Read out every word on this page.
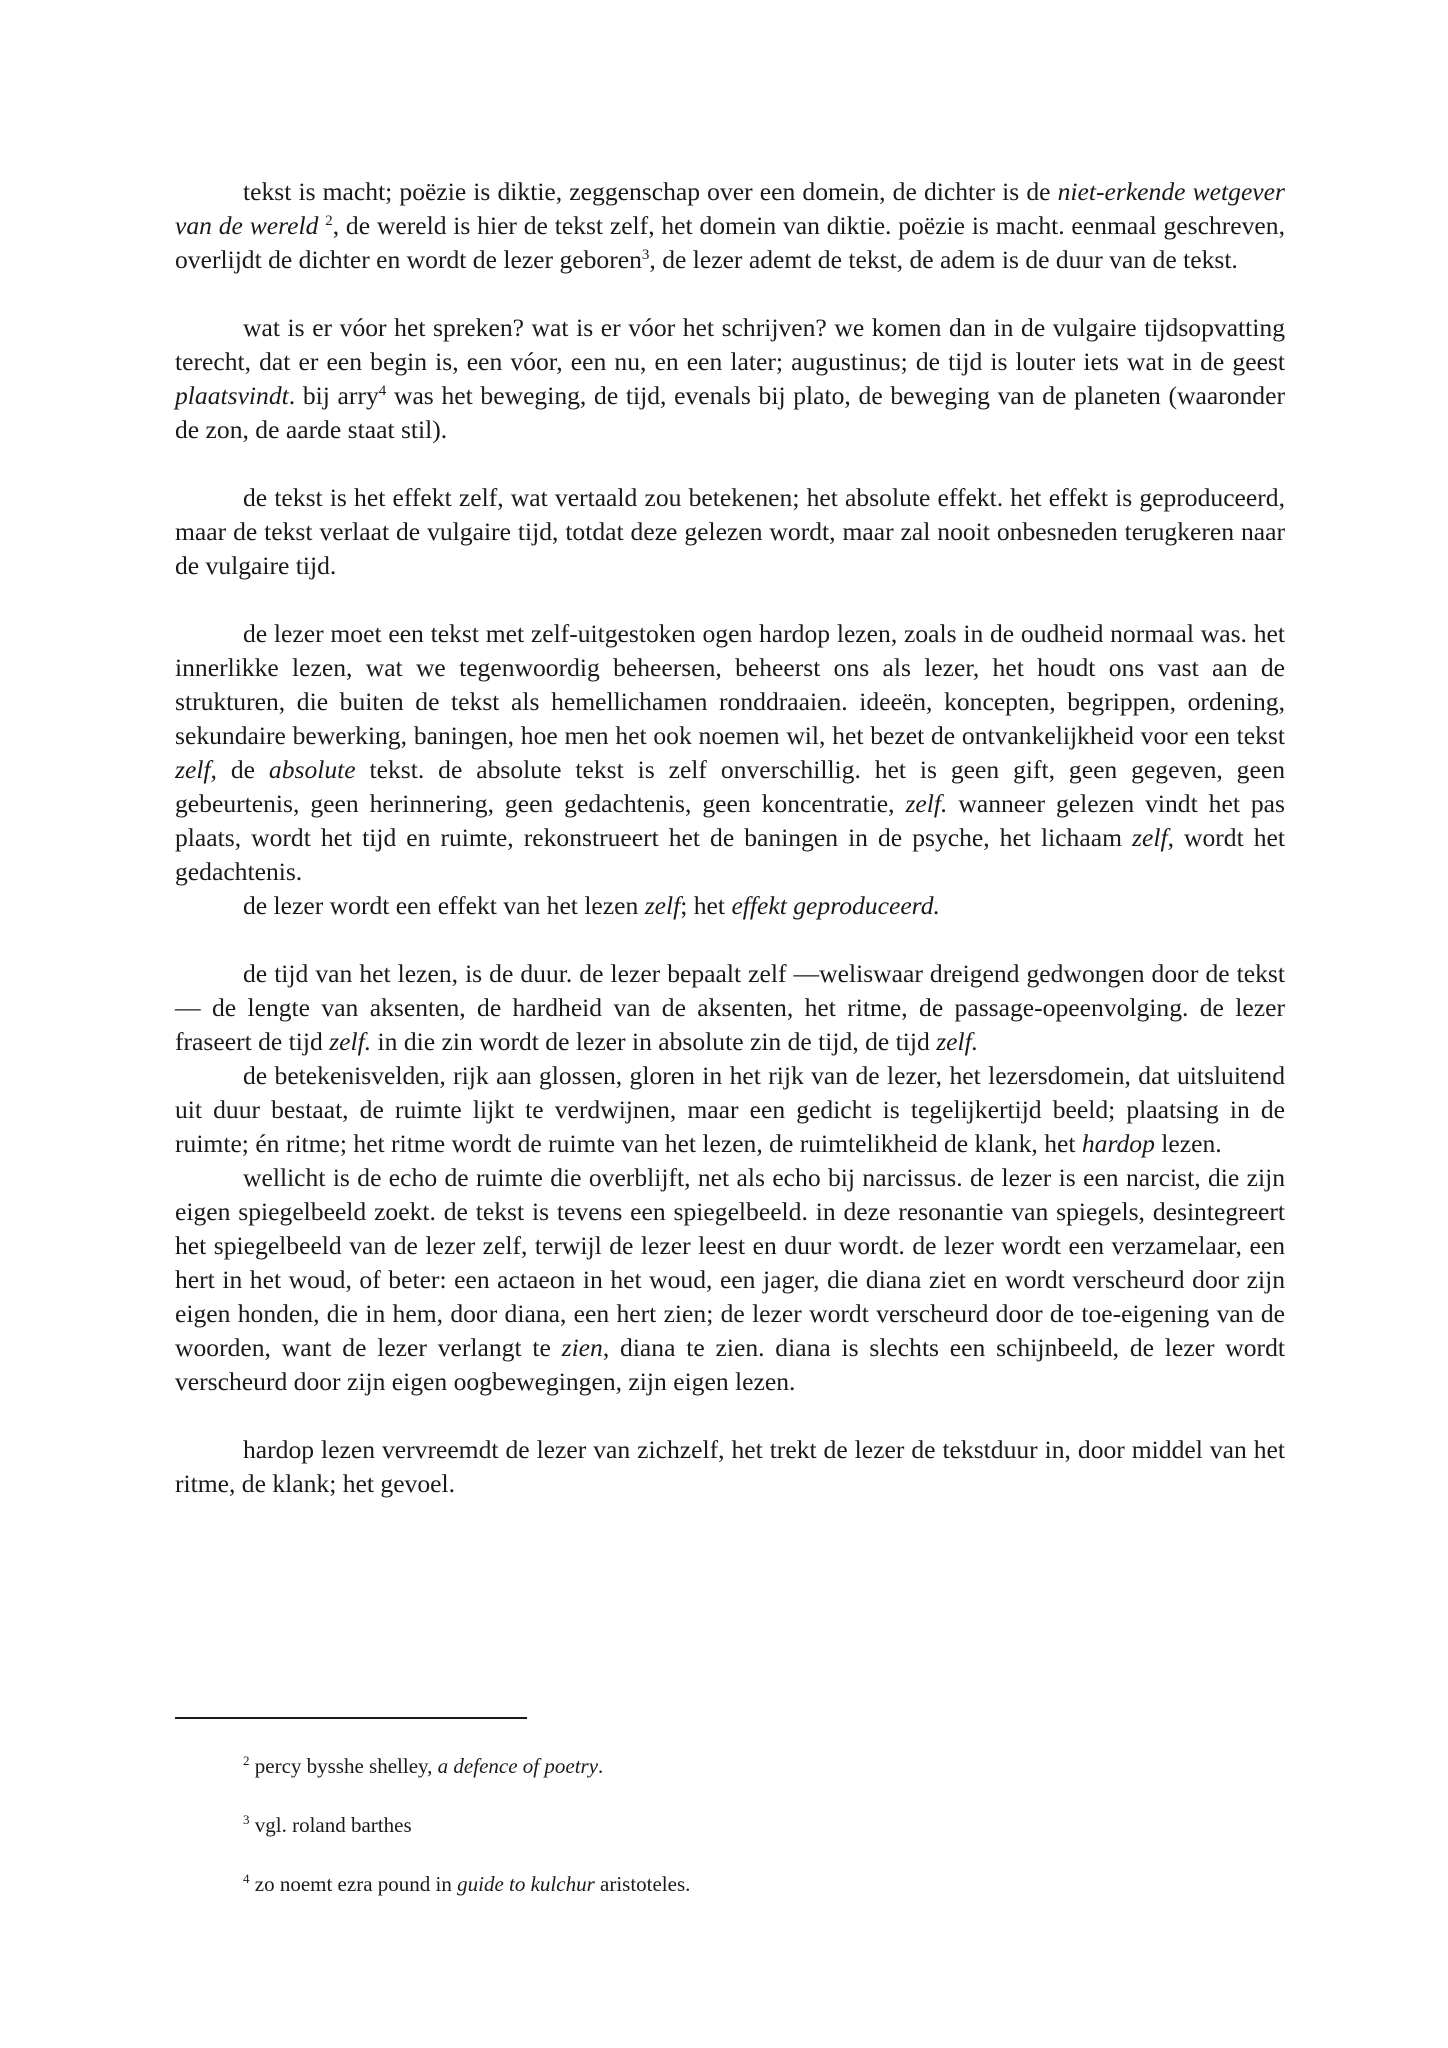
tekst is macht; poëzie is diktie, zeggenschap over een domein, de dichter is de niet-erkende wetgever van de wereld $^2$, de wereld is hier de tekst zelf, het domein van diktie. poëzie is macht. eenmaal geschreven, overlijdt de dichter en wordt de lezer geboren$^3$, de lezer ademt de tekst, de adem is de duur van de tekst.

wat is er vóor het spreken? wat is er vóor het schrijven? we komen dan in de vulgaire tijdsopvatting terecht, dat er een begin is, een vóor, een nu, en een later; augustinus; de tijd is louter iets wat in de geest plaatsvindt. bij arry$^4$ was het beweging, de tijd, evenals bij plato, de beweging van de planeten (waaronder de zon, de aarde staat stil).

de tekst is het effekt zelf, wat vertaald zou betekenen; het absolute effekt. het effekt is geproduceerd, maar de tekst verlaat de vulgaire tijd, totdat deze gelezen wordt, maar zal nooit onbesneden terugkeren naar de vulgaire tijd.

de lezer moet een tekst met zelf-uitgestoken ogen hardop lezen, zoals in de oudheid normaal was. het innerlikke lezen, wat we tegenwoordig beheersen, beheerst ons als lezer, het houdt ons vast aan de strukturen, die buiten de tekst als hemellichamen ronddraaien. ideeën, koncepten, begrippen, ordening, sekundaire bewerking, baningen, hoe men het ook noemen wil, het bezet de ontvankelijkheid voor een tekst zelf, de absolute tekst. de absolute tekst is zelf onverschillig. het is geen gift, geen gegeven, geen gebeurtenis, geen herinnering, geen gedachtenis, geen koncentratie, zelf. wanneer gelezen vindt het pas plaats, wordt het tijd en ruimte, rekonstrueert het de baningen in de psyche, het lichaam zelf, wordt het gedachtenis.

de lezer wordt een effekt van het lezen zelf; het effekt geproduceerd.

de tijd van het lezen, is de duur. de lezer bepaalt zelf —weliswaar dreigend gedwongen door de tekst— de lengte van aksenten, de hardheid van de aksenten, het ritme, de passage-opeenvolging. de lezer fraseert de tijd zelf. in die zin wordt de lezer in absolute zin de tijd, de tijd zelf.

de betekenisvelden, rijk aan glossen, gloren in het rijk van de lezer, het lezersdomein, dat uitsluitend uit duur bestaat, de ruimte lijkt te verdwijnen, maar een gedicht is tegelijkertijd beeld; plaatsing in de ruimte; én ritme; het ritme wordt de ruimte van het lezen, de ruimtelikheid de klank, het hardop lezen.

wellicht is de echo de ruimte die overblijft, net als echo bij narcissus. de lezer is een narcist, die zijn eigen spiegelbeeld zoekt. de tekst is tevens een spiegelbeeld. in deze resonantie van spiegels, desintegreert het spiegelbeeld van de lezer zelf, terwijl de lezer leest en duur wordt. de lezer wordt een verzamelaar, een hert in het woud, of beter: een actaeon in het woud, een jager, die diana ziet en wordt verscheurd door zijn eigen honden, die in hem, door diana, een hert zien; de lezer wordt verscheurd door de toe-eigening van de woorden, want de lezer verlangt te zien, diana te zien. diana is slechts een schijnbeeld, de lezer wordt verscheurd door zijn eigen oogbewegingen, zijn eigen lezen.

hardop lezen vervreemdt de lezer van zichzelf, het trekt de lezer de tekstduur in, door middel van het ritme, de klank; het gevoel.

$^2$ percy bysshe shelley, a defence of poetry.

$^3$ vgl. roland barthes

$^4$ zo noemt ezra pound in guide to kulchur aristoteles.
